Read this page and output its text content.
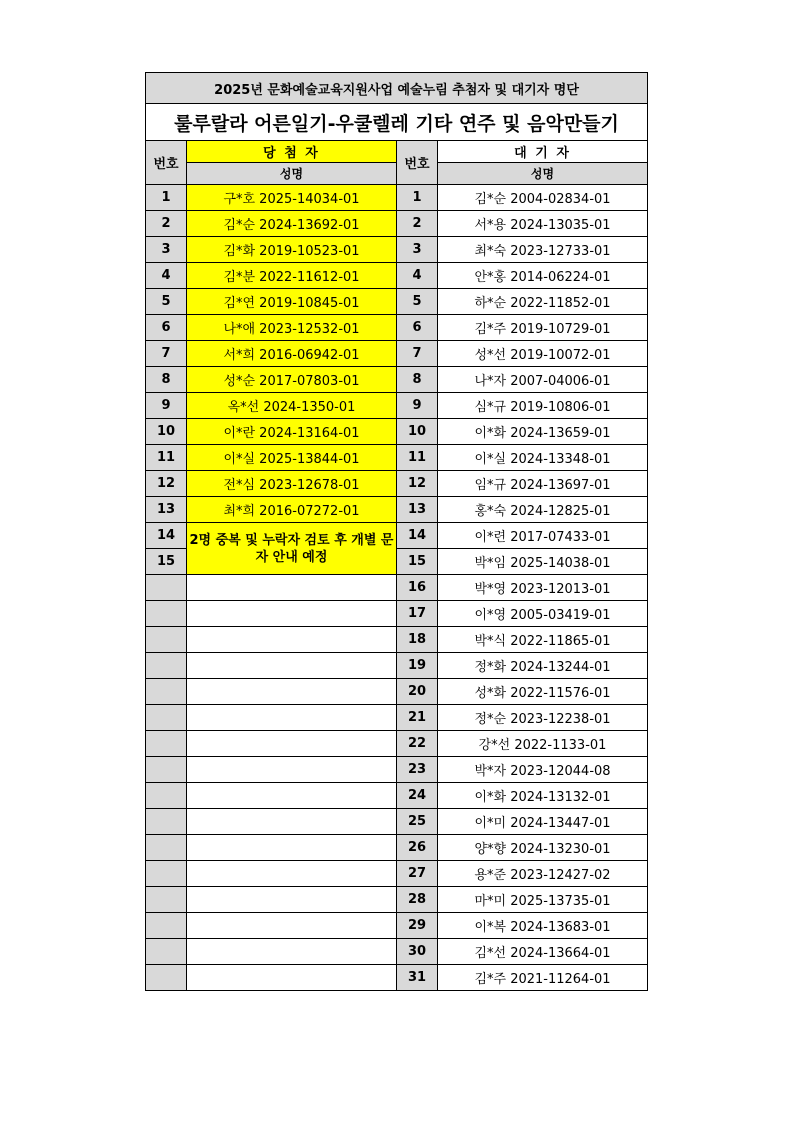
2025년 문화예술교육지원사업 예술누림 추첨자 및 대기자 명단			
룰루랄라 어른일기-우쿨렐레 기타 연주 및 음악만들기			
번호	당 첨 자	번호	대 기 자
	성명		성명
1	구*호 2025-14034-01	1	김*순 2004-02834-01
2	김*순 2024-13692-01	2	서*용 2024-13035-01
3	김*화 2019-10523-01	3	최*숙 2023-12733-01
4	김*분 2022-11612-01	4	안*홍 2014-06224-01
5	김*연 2019-10845-01	5	하*순 2022-11852-01
6	나*애 2023-12532-01	6	김*주 2019-10729-01
7	서*희 2016-06942-01	7	성*선 2019-10072-01
8	성*순 2017-07803-01	8	나*자 2007-04006-01
9	옥*선 2024-1350-01	9	심*규 2019-10806-01
10	이*란 2024-13164-01	10	이*화 2024-13659-01
11	이*실 2025-13844-01	11	이*실 2024-13348-01
12	전*심 2023-12678-01	12	임*규 2024-13697-01
13	최*희 2016-07272-01	13	홍*숙 2024-12825-01
14	2명 중복 및 누락자 검토 후 개별 문자 안내 예정	14	이*련 2017-07433-01
15		15	박*임 2025-14038-01
		16	박*영 2023-12013-01
		17	이*영 2005-03419-01
		18	박*식 2022-11865-01
		19	정*화 2024-13244-01
		20	성*화 2022-11576-01
		21	정*순 2023-12238-01
		22	강*선 2022-1133-01
		23	박*자 2023-12044-08
		24	이*화 2024-13132-01
		25	이*미 2024-13447-01
		26	양*향 2024-13230-01
		27	용*준 2023-12427-02
		28	마*미 2025-13735-01
		29	이*복 2024-13683-01
		30	김*선 2024-13664-01
		31	김*주 2021-11264-01
